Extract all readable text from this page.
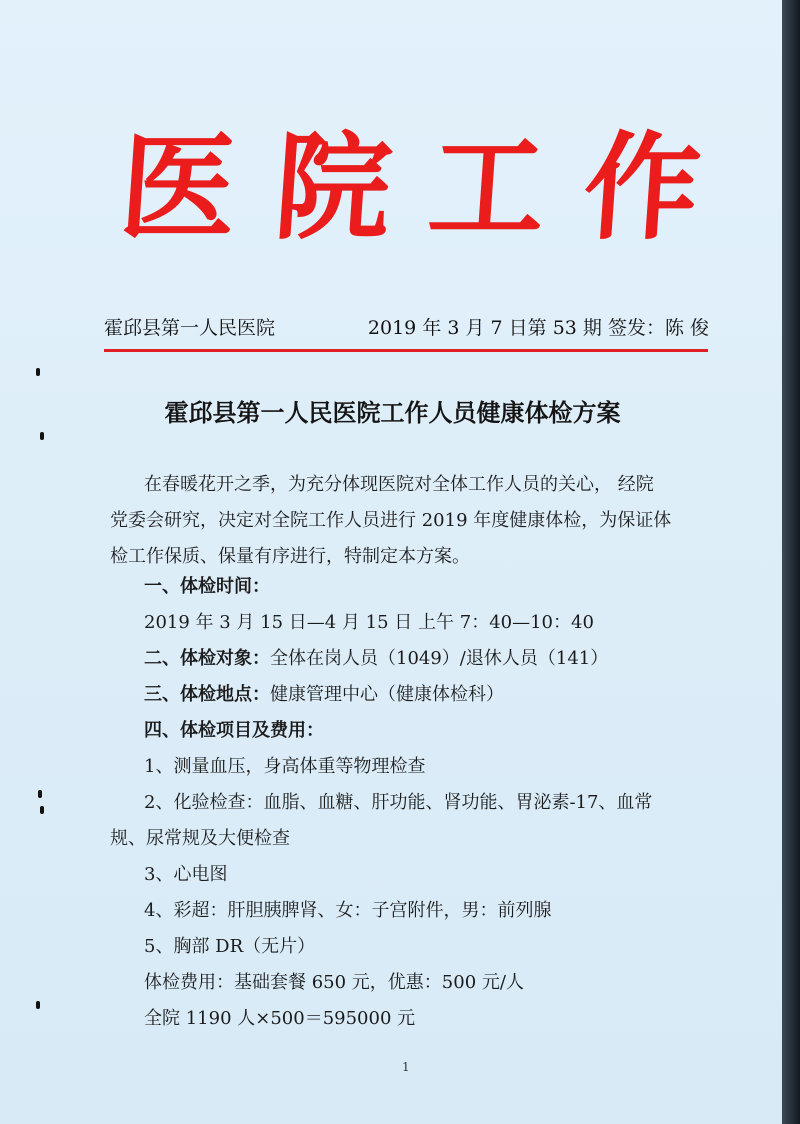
医 院 工 作
霍邱县第一人民医院	2019 年 3 月 7 日第 53 期 签发：陈 俊
霍邱县第一人民医院工作人员健康体检方案
在春暖花开之季，为充分体现医院对全体工作人员的关心， 经院
党委会研究，决定对全院工作人员进行 2019 年度健康体检，为保证体
检工作保质、保量有序进行，特制定本方案。
一、体检时间：
2019 年 3 月 15 日—4 月 15 日 上午 7：40—10：40
二、体检对象：全体在岗人员（1049）/退休人员（141）
三、体检地点：健康管理中心（健康体检科）
四、体检项目及费用：
1、测量血压，身高体重等物理检查
2、化验检查：血脂、血糖、肝功能、肾功能、胃泌素-17、血常
规、尿常规及大便检查
3、心电图
4、彩超：肝胆胰脾肾、女：子宫附件，男：前列腺
5、胸部 DR（无片）
体检费用：基础套餐 650 元，优惠：500 元/人
全院 1190 人×500＝595000 元
1
